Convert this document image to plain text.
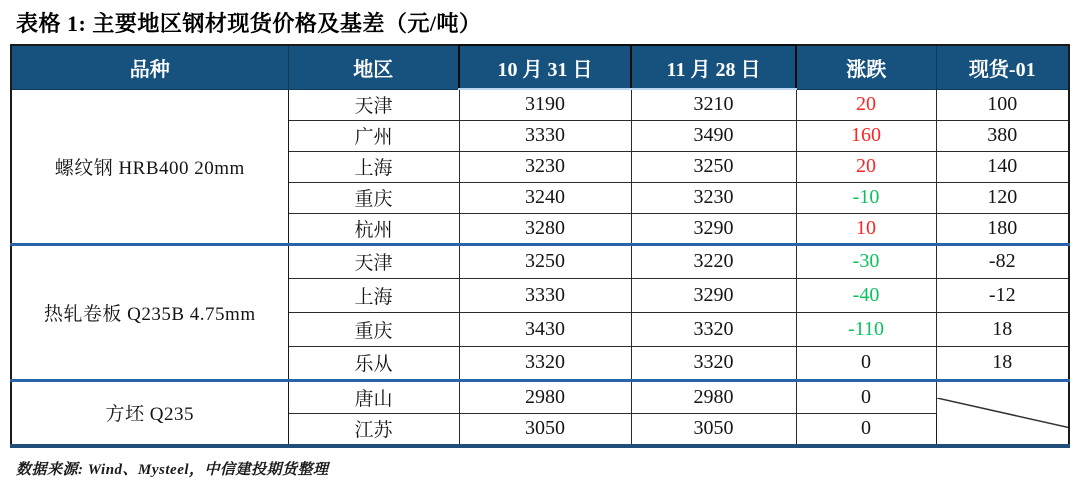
表格 1: 主要地区钢材现货价格及基差（元/吨）
品种	地区	10 月 31 日	11 月 28 日	涨跌	现货-01
螺纹钢 HRB400 20mm	天津	3190	3210	20	100
	广州	3330	3490	160	380
	上海	3230	3250	20	140
	重庆	3240	3230	-10	120
	杭州	3280	3290	10	180
热轧卷板 Q235B 4.75mm	天津	3250	3220	-30	-82
	上海	3330	3290	-40	-12
	重庆	3430	3320	-110	18
	乐从	3320	3320	0	18
方坯 Q235	唐山	2980	2980	0	

	江苏	3050	3050	0	
数据来源: Wind、Mysteel，中信建投期货整理
